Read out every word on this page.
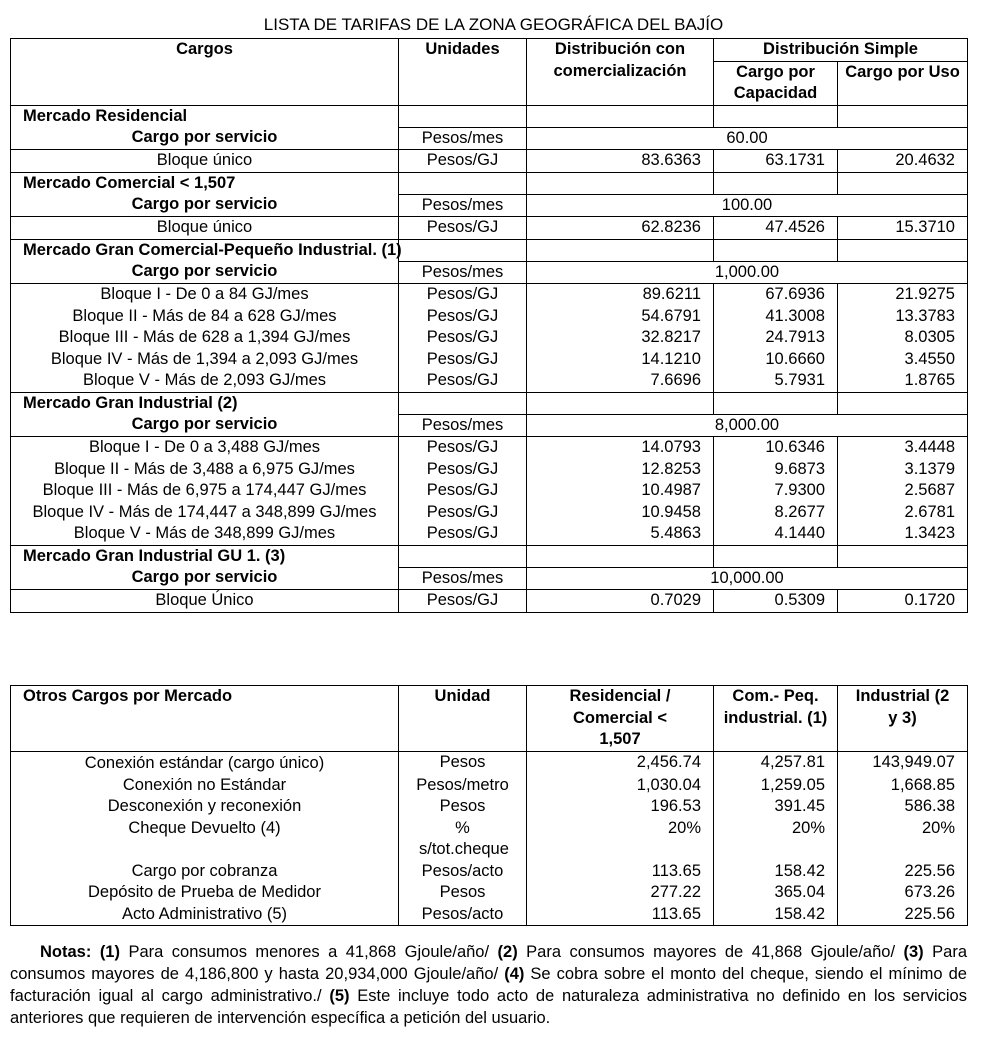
LISTA DE TARIFAS DE LA ZONA GEOGRÁFICA DEL BAJÍO
Cargos	Unidades	Distribución con comercialización	Distribución Simple	
			Cargo por Capacidad	Cargo por Uso
Mercado Residencial				
Cargo por servicio	Pesos/mes	60.00		
Bloque único	Pesos/GJ	83.6363	63.1731	20.4632
Mercado Comercial < 1,507				
Cargo por servicio	Pesos/mes	100.00		
Bloque único	Pesos/GJ	62.8236	47.4526	15.3710
Mercado Gran Comercial-Pequeño Industrial. (1)				
Cargo por servicio	Pesos/mes	1,000.00		
Bloque I - De 0 a 84 GJ/mes	Pesos/GJ	89.6211	67.6936	21.9275
Bloque II - Más de 84 a 628 GJ/mes	Pesos/GJ	54.6791	41.3008	13.3783
Bloque III - Más de 628 a 1,394 GJ/mes	Pesos/GJ	32.8217	24.7913	8.0305
Bloque IV - Más de 1,394 a 2,093 GJ/mes	Pesos/GJ	14.1210	10.6660	3.4550
Bloque V - Más de 2,093 GJ/mes	Pesos/GJ	7.6696	5.7931	1.8765
Mercado Gran Industrial (2)				
Cargo por servicio	Pesos/mes	8,000.00		
Bloque I - De 0 a 3,488 GJ/mes	Pesos/GJ	14.0793	10.6346	3.4448
Bloque II - Más de 3,488 a 6,975 GJ/mes	Pesos/GJ	12.8253	9.6873	3.1379
Bloque III - Más de 6,975 a 174,447 GJ/mes	Pesos/GJ	10.4987	7.9300	2.5687
Bloque IV - Más de 174,447 a 348,899 GJ/mes	Pesos/GJ	10.9458	8.2677	2.6781
Bloque V - Más de 348,899 GJ/mes	Pesos/GJ	5.4863	4.1440	1.3423
Mercado Gran Industrial GU 1. (3)				
Cargo por servicio	Pesos/mes	10,000.00		
Bloque Único	Pesos/GJ	0.7029	0.5309	0.1720
Otros Cargos por Mercado	Unidad	Residencial / Comercial < 1,507	Com.- Peq. industrial. (1)	Industrial (2 y 3)
Conexión estándar (cargo único)	Pesos	2,456.74	4,257.81	143,949.07
Conexión no Estándar	Pesos/metro	1,030.04	1,259.05	1,668.85
Desconexión y reconexión	Pesos	196.53	391.45	586.38
Cheque Devuelto (4)	% s/tot.cheque	20%	20%	20%
Cargo por cobranza	Pesos/acto	113.65	158.42	225.56
Depósito de Prueba de Medidor	Pesos	277.22	365.04	673.26
Acto Administrativo (5)	Pesos/acto	113.65	158.42	225.56
Notas: (1) Para consumos menores a 41,868 Gjoule/año/ (2) Para consumos mayores de 41,868 Gjoule/año/ (3) Para consumos mayores de 4,186,800 y hasta 20,934,000 Gjoule/año/ (4) Se cobra sobre el monto del cheque, siendo el mínimo de facturación igual al cargo administrativo./ (5) Este incluye todo acto de naturaleza administrativa no definido en los servicios anteriores que requieren de intervención específica a petición del usuario.
